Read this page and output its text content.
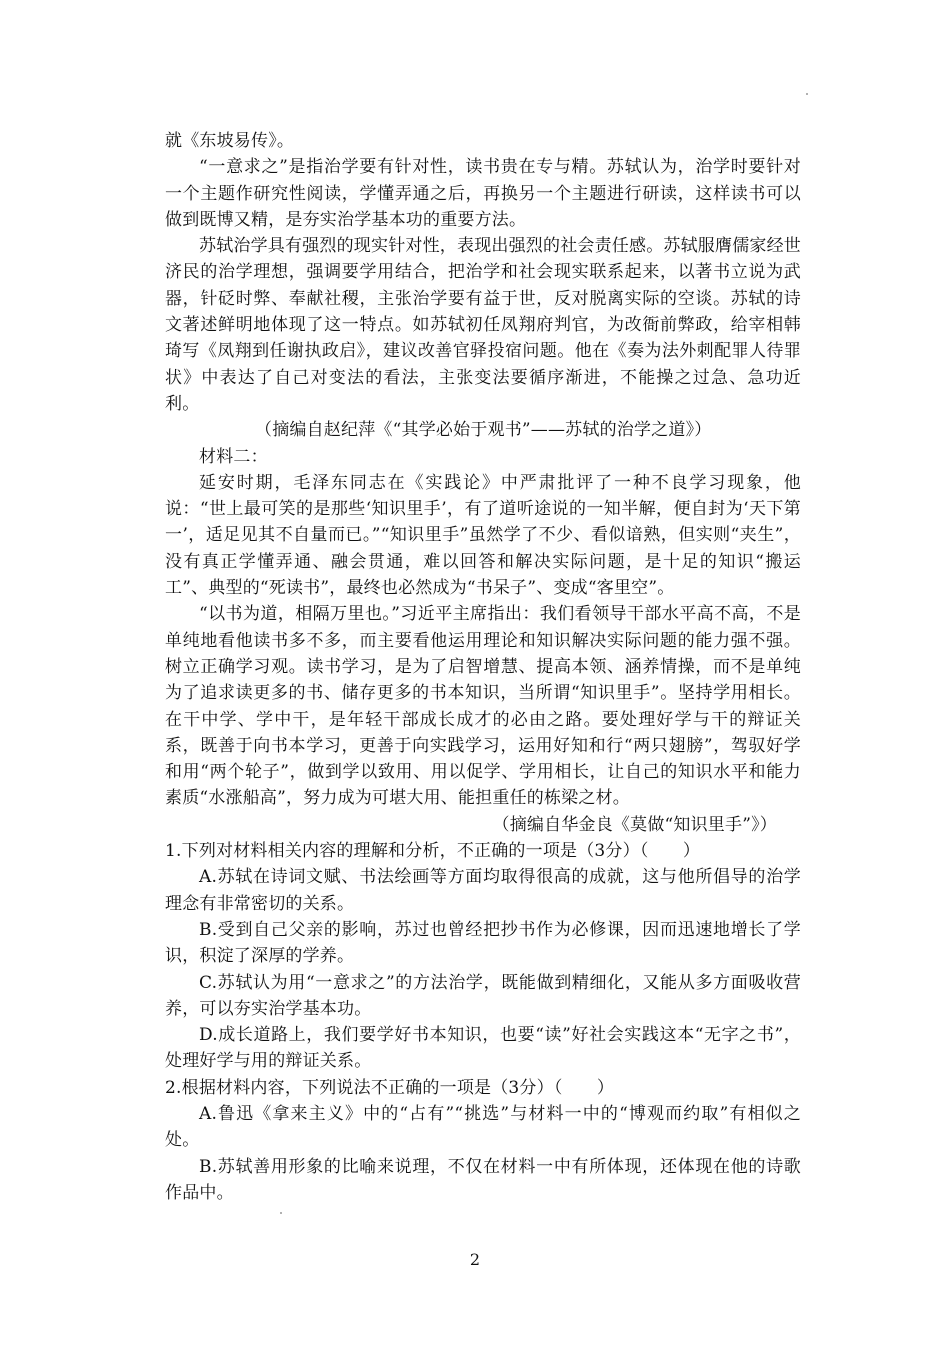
就《东坡易传》。

“一意求之”是指治学要有针对性，读书贵在专与精。苏轼认为，治学时要针对一个主题作研究性阅读，学懂弄通之后，再换另一个主题进行研读，这样读书可以做到既博又精，是夯实治学基本功的重要方法。

苏轼治学具有强烈的现实针对性，表现出强烈的社会责任感。苏轼服膺儒家经世济民的治学理想，强调要学用结合，把治学和社会现实联系起来，以著书立说为武器，针砭时弊、奉献社稷，主张治学要有益于世，反对脱离实际的空谈。苏轼的诗文著述鲜明地体现了这一特点。如苏轼初任凤翔府判官，为改衙前弊政，给宰相韩琦写《凤翔到任谢执政启》，建议改善官驿投宿问题。他在《奏为法外刺配罪人待罪状》中表达了自己对变法的看法，主张变法要循序渐进，不能操之过急、急功近利。

（摘编自赵纪萍《“其学必始于观书”——苏轼的治学之道》）

材料二：

延安时期，毛泽东同志在《实践论》中严肃批评了一种不良学习现象，他说：“世上最可笑的是那些‘知识里手’，有了道听途说的一知半解，便自封为‘天下第一’，适足见其不自量而已。”“知识里手”虽然学了不少、看似谙熟，但实则“夹生”，没有真正学懂弄通、融会贯通，难以回答和解决实际问题，是十足的知识“搬运工”、典型的“死读书”，最终也必然成为“书呆子”、变成“客里空”。

“以书为道，相隔万里也。”习近平主席指出：我们看领导干部水平高不高，不是单纯地看他读书多不多，而主要看他运用理论和知识解决实际问题的能力强不强。树立正确学习观。读书学习，是为了启智增慧、提高本领、涵养情操，而不是单纯为了追求读更多的书、储存更多的书本知识，当所谓“知识里手”。坚持学用相长。在干中学、学中干，是年轻干部成长成才的必由之路。要处理好学与干的辩证关系，既善于向书本学习，更善于向实践学习，运用好知和行“两只翅膀”，驾驭好学和用“两个轮子”，做到学以致用、用以促学、学用相长，让自己的知识水平和能力素质“水涨船高”，努力成为可堪大用、能担重任的栋梁之材。

（摘编自华金良《莫做“知识里手”》）

1.下列对材料相关内容的理解和分析，不正确的一项是（3分）（　　）

A.苏轼在诗词文赋、书法绘画等方面均取得很高的成就，这与他所倡导的治学理念有非常密切的关系。

B.受到自己父亲的影响，苏过也曾经把抄书作为必修课，因而迅速地增长了学识，积淀了深厚的学养。

C.苏轼认为用“一意求之”的方法治学，既能做到精细化，又能从多方面吸收营养，可以夯实治学基本功。

D.成长道路上，我们要学好书本知识，也要“读”好社会实践这本“无字之书”，处理好学与用的辩证关系。

2.根据材料内容，下列说法不正确的一项是（3分）（　　）

A.鲁迅《拿来主义》中的“占有”“挑选”与材料一中的“博观而约取”有相似之处。

B.苏轼善用形象的比喻来说理，不仅在材料一中有所体现，还体现在他的诗歌作品中。

2
